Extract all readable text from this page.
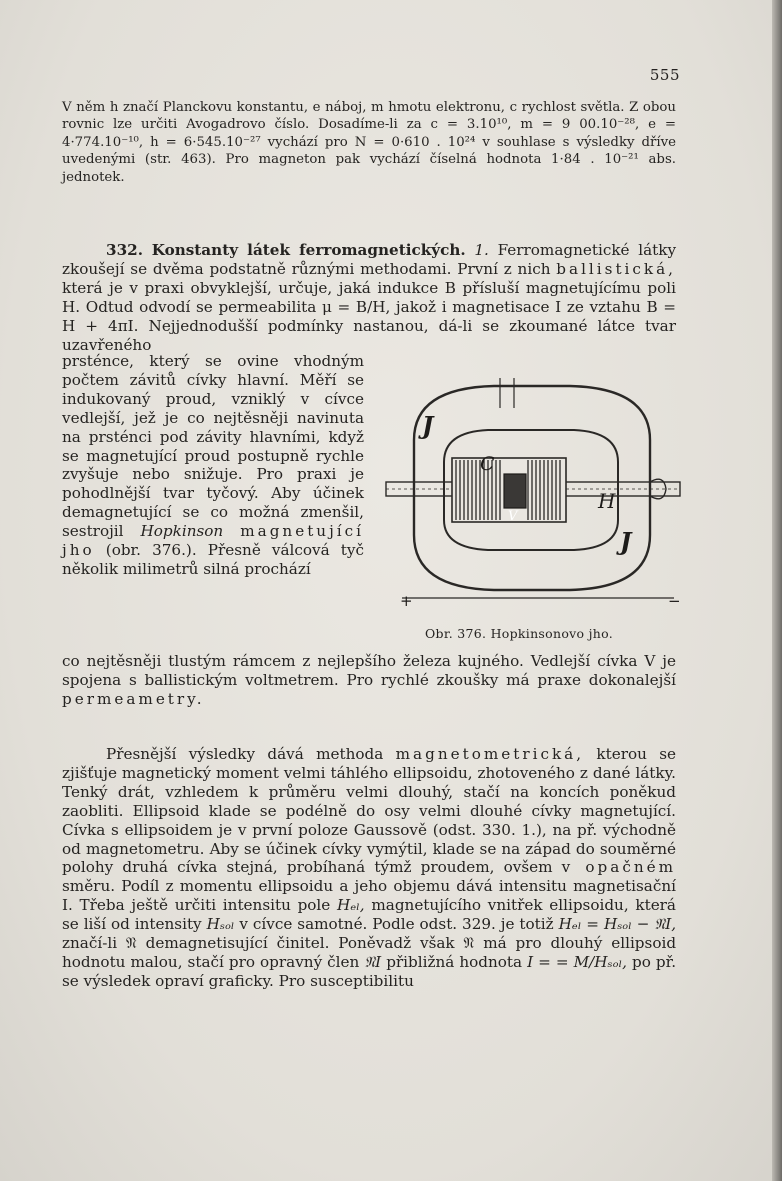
555

V něm h značí Planckovu konstantu, e náboj, m hmotu elektronu, c rychlost světla. Z obou rovnic lze určiti Avogadrovo číslo. Dosadíme-li za c = 3.10¹⁰, m = 9 00.10⁻²⁸, e = 4·774.10⁻¹⁰, h = 6·545.10⁻²⁷ vychází pro N = 0·610 . 10²⁴ v souhlase s výsledky dříve uvedenými (str. 463). Pro magneton pak vychází číselná hodnota 1·84 . 10⁻²¹ abs. jednotek.

332. Konstanty látek ferromagnetických. 1. Ferromagnetické látky zkoušejí se dvěma podstatně různými methodami. První z nich ballistická, která je v praxi obvyklejší, určuje, jaká indukce B přísluší magnetujícímu poli H. Odtud odvodí se permeabilita μ = B/H, jakož i magnetisace I ze vztahu B = H + 4πI. Nejjednodušší podmínky nastanou, dá-li se zkoumané látce tvar uzavřeného

prsténce, který se ovine vhodným počtem závitů cívky hlavní. Měří se indukovaný proud, vzniklý v cívce vedlejší, jež je co nejtěsněji navinuta na prsténci pod závity hlavními, když se magnetující proud postupně rychle zvyšuje nebo snižuje. Pro praxi je pohodlnější tvar tyčový. Aby účinek demagnetující se co možná zmenšil, sestrojil Hopkinson magnetující jho (obr. 376.). Přesně válcová tyč několik milimetrů silná prochází

V
J
J
C
H
+	−
Obr. 376. Hopkinsonovo jho.

co nejtěsněji tlustým rámcem z nejlepšího železa kujného. Vedlejší cívka V je spojena s ballistickým voltmetrem. Pro rychlé zkoušky má praxe dokonalejší permeametry.

Přesnější výsledky dává methoda magnetometrická, kterou se zjišťuje magnetický moment velmi táhlého ellipsoidu, zhotoveného z dané látky. Tenký drát, vzhledem k průměru velmi dlouhý, stačí na koncích poněkud zaobliti. Ellipsoid klade se podélně do osy velmi dlouhé cívky magnetující. Cívka s ellipsoidem je v první poloze Gaussově (odst. 330. 1.), na př. východně od magnetometru. Aby se účinek cívky vymýtil, klade se na západ do souměrné polohy druhá cívka stejná, probíhaná týmž proudem, ovšem v opačném směru. Podíl z momentu ellipsoidu a jeho objemu dává intensitu magnetisační I. Třeba ještě určiti intensitu pole Hₑₗ, magnetujícího vnitřek ellipsoidu, která se liší od intensity Hₛₒₗ v cívce samotné. Podle odst. 329. je totiž Hₑₗ = Hₛₒₗ − 𝔑I, značí-li 𝔑 demagnetisující činitel. Poněvadž však 𝔑 má pro dlouhý ellipsoid hodnotu malou, stačí pro opravný člen 𝔑I přibližná hodnota I = = M/Hₛₒₗ, po př. se výsledek opraví graficky. Pro susceptibilitu
